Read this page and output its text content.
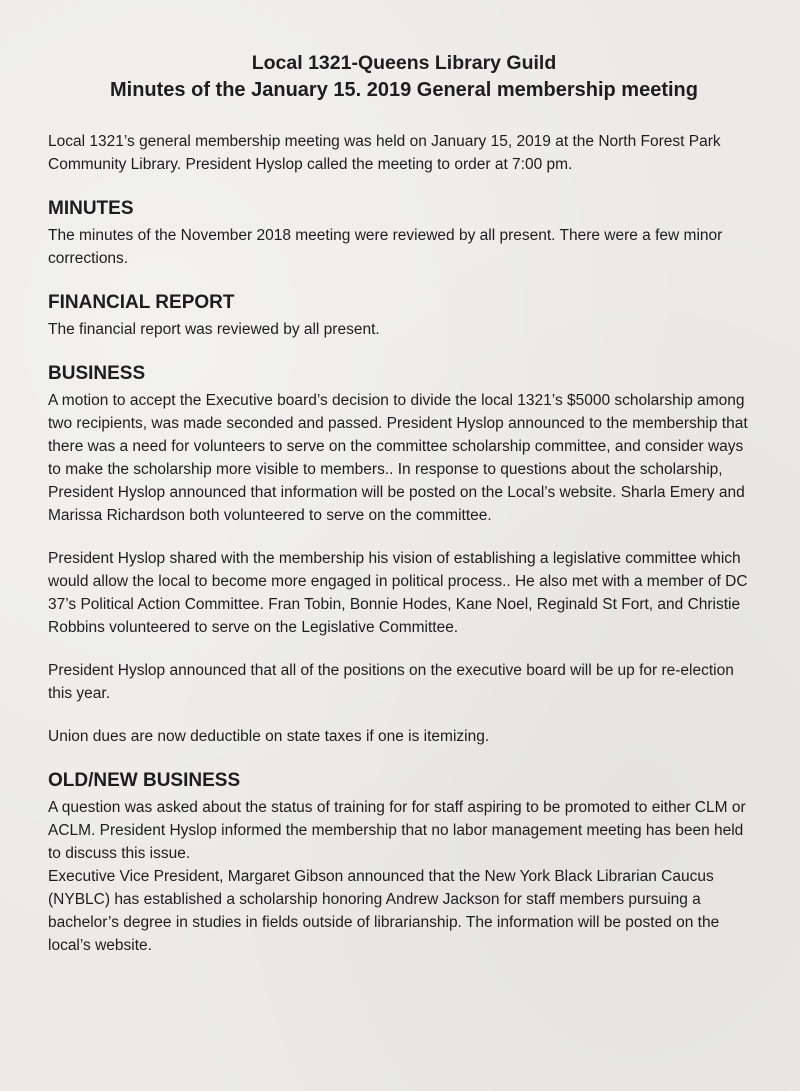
Local 1321-Queens Library Guild
Minutes of the January 15. 2019 General membership meeting

Local 1321’s general membership meeting was held on January 15, 2019 at the North Forest Park Community Library. President Hyslop called the meeting to order at 7:00 pm.

MINUTES

The minutes of the November 2018 meeting were reviewed by all present. There were a few minor corrections.

FINANCIAL REPORT

The financial report was reviewed by all present.

BUSINESS

A motion to accept the Executive board’s decision to divide the local 1321’s $5000 scholarship among two recipients, was made seconded and passed. President Hyslop announced to the membership that there was a need for volunteers to serve on the committee scholarship committee, and consider ways to make the scholarship more visible to members.. In response to questions about the scholarship, President Hyslop announced that information will be posted on the Local’s website. Sharla Emery and Marissa Richardson both volunteered to serve on the committee.

President Hyslop shared with the membership his vision of establishing a legislative committee which would allow the local to become more engaged in political process.. He also met with a member of DC 37’s Political Action Committee. Fran Tobin, Bonnie Hodes, Kane Noel, Reginald St Fort, and Christie Robbins volunteered to serve on the Legislative Committee.

President Hyslop announced that all of the positions on the executive board will be up for re-election this year.

Union dues are now deductible on state taxes if one is itemizing.

OLD/NEW BUSINESS

A question was asked about the status of training for for staff aspiring to be promoted to either CLM or ACLM. President Hyslop informed the membership that no labor management meeting has been held to discuss this issue.

Executive Vice President, Margaret Gibson announced that the New York Black Librarian Caucus (NYBLC) has established a scholarship honoring Andrew Jackson for staff members pursuing a bachelor’s degree in studies in fields outside of librarianship. The information will be posted on the local’s website.
